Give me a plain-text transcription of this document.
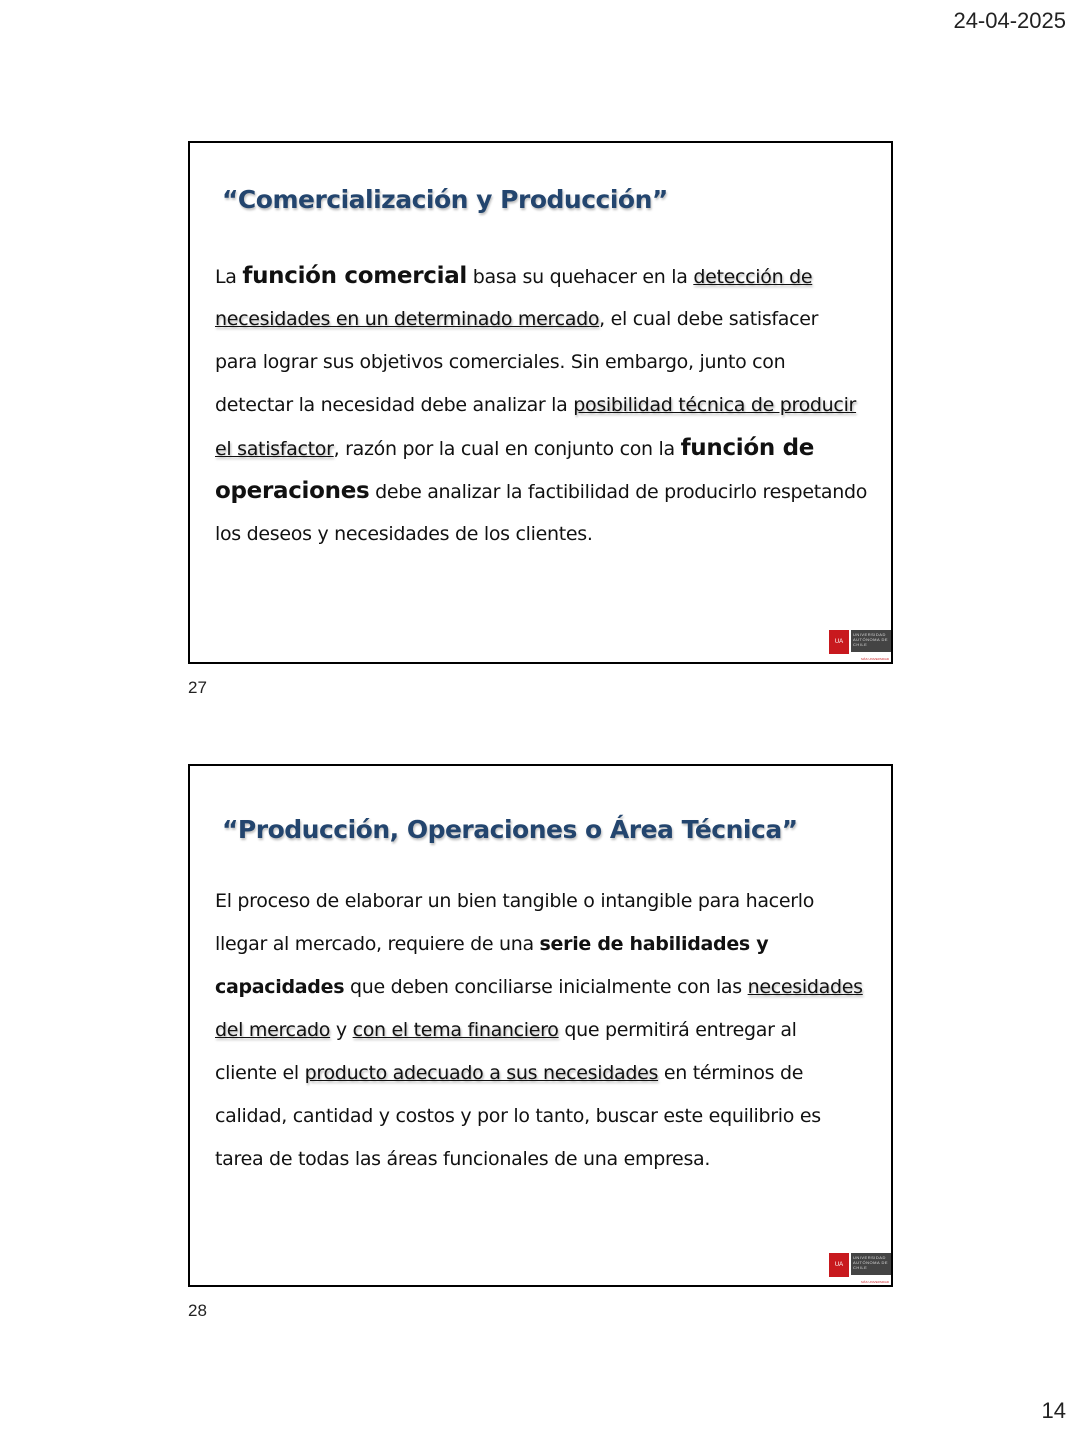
24-04-2025
“Comercialización y Producción”
La función comercial basa su quehacer en la detección de
necesidades en un determinado mercado, el cual debe satisfacer
para lograr sus objetivos comerciales. Sin embargo, junto con
detectar la necesidad debe analizar la posibilidad técnica de producir
el satisfactor, razón por la cual en conjunto con la función de
operaciones debe analizar la factibilidad de producirlo respetando
los deseos y necesidades de los clientes.
UA
UNIVERSIDAD AUTÓNOMA DE CHILE
MÁS UNIVERSIDAD
27
“Producción, Operaciones o Área Técnica”
El proceso de elaborar un bien tangible o intangible para hacerlo
llegar al mercado, requiere de una serie de habilidades y
capacidades que deben conciliarse inicialmente con las necesidades
del mercado y con el tema financiero que permitirá entregar al
cliente el producto adecuado a sus necesidades en términos de
calidad, cantidad y costos y por lo tanto, buscar este equilibrio es
tarea de todas las áreas funcionales de una empresa.
UA
UNIVERSIDAD AUTÓNOMA DE CHILE
MÁS UNIVERSIDAD
28
14
